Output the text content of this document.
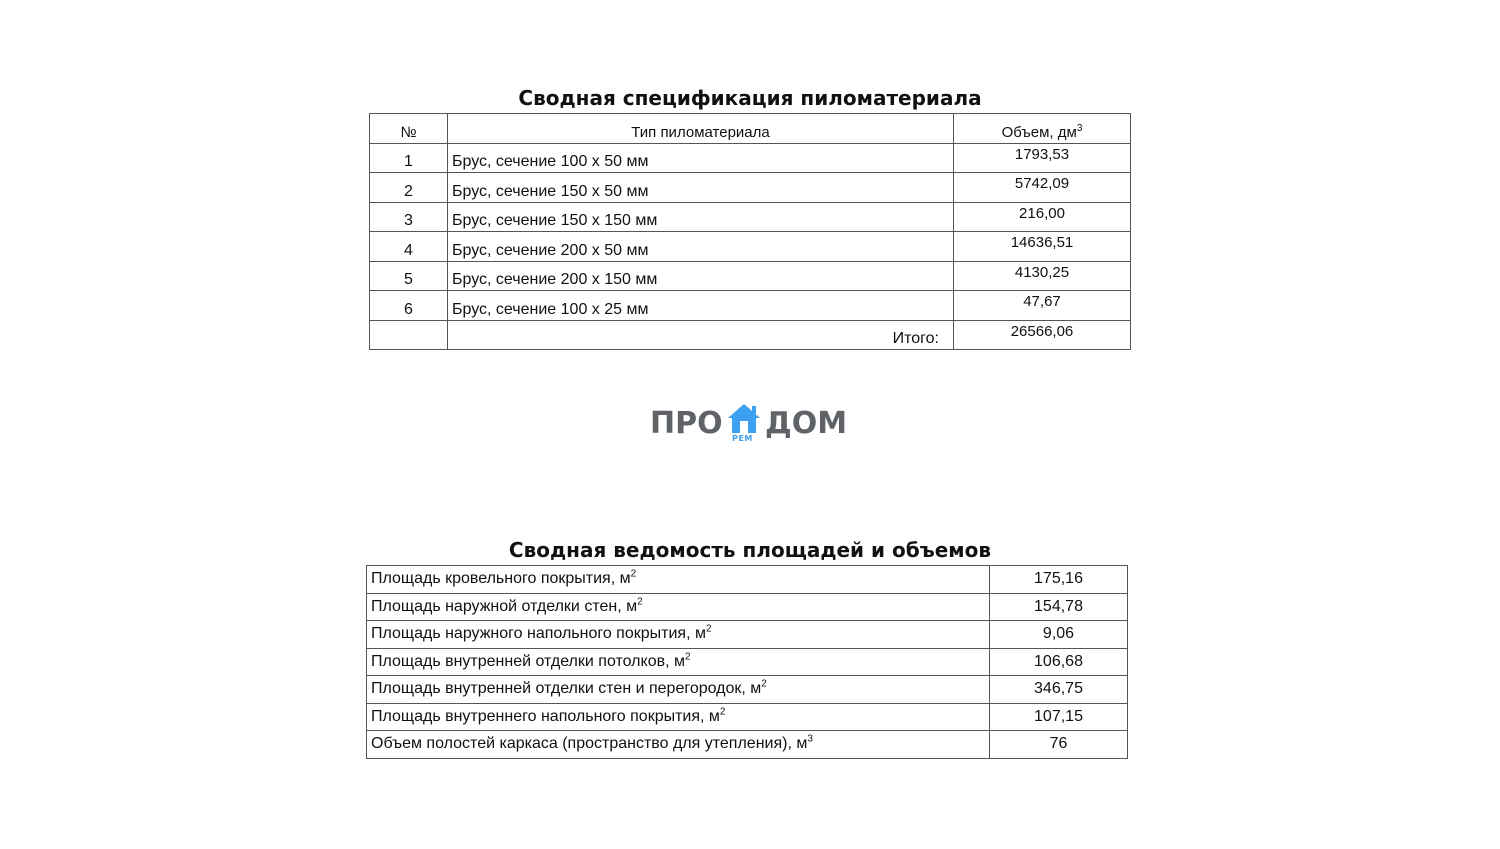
Сводная спецификация пиломатериала
№	Тип пиломатериала	Объем, $дм^3$
1	Брус, сечение 100 х 50 мм	1793,53
2	Брус, сечение 150 х 50 мм	5742,09
3	Брус, сечение 150 х 150 мм	216,00
4	Брус, сечение 200 х 50 мм	14636,51
5	Брус, сечение 200 х 150 мм	4130,25
6	Брус, сечение 100 х 25 мм	47,67
	Итого:	26566,06
ПРО РЕМ ДОМ
Сводная ведомость площадей и объемов
Площадь кровельного покрытия, $м^2$	175,16
Площадь наружной отделки стен, $м^2$	154,78
Площадь наружного напольного покрытия, $м^2$	9,06
Площадь внутренней отделки потолков, $м^2$	106,68
Площадь внутренней отделки стен и перегородок, $м^2$	346,75
Площадь внутреннего напольного покрытия, $м^2$	107,15
Объем полостей каркаса (пространство для утепления), $м^3$	76
